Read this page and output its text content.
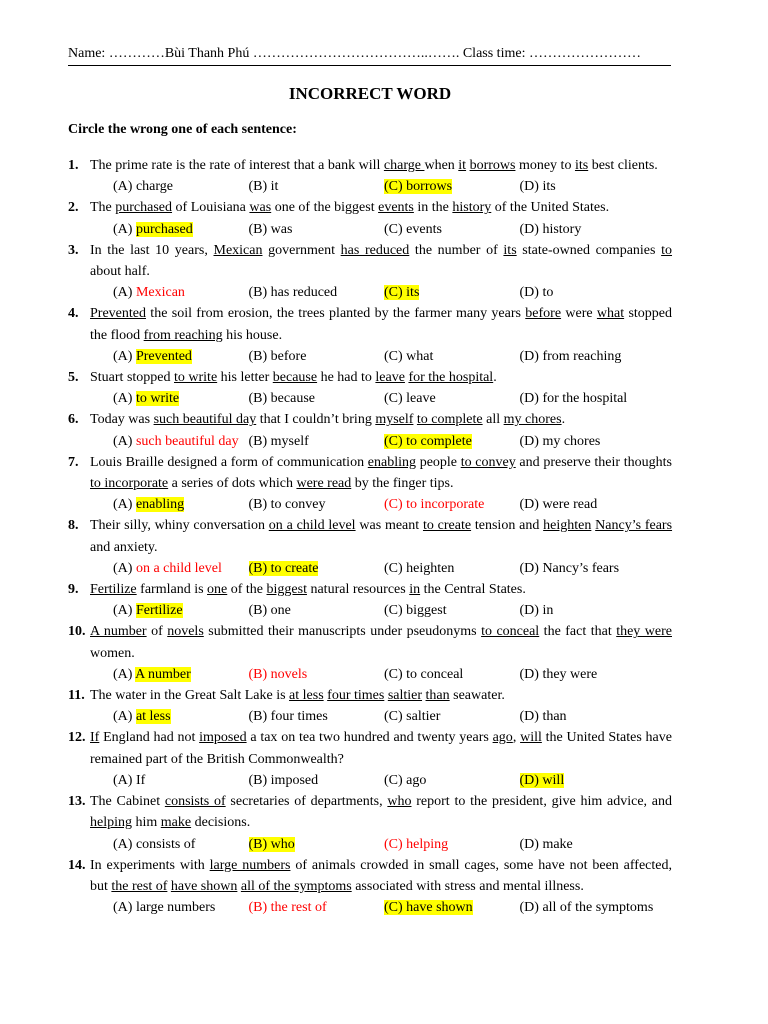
Name: …………Bùi Thanh Phú ………………………………..……. Class time: ……………………
INCORRECT WORD
Circle the wrong one of each sentence:
1. The prime rate is the rate of interest that a bank will charge when it borrows money to its best clients.
(A) charge	(B) it	(C) borrows	(D) its
2. The purchased of Louisiana was one of the biggest events in the history of the United States.
(A) purchased	(B) was	(C) events	(D) history
3. In the last 10 years, Mexican government has reduced the number of its state-owned companies to about half.
(A) Mexican	(B) has reduced	(C) its	(D) to
4. Prevented the soil from erosion, the trees planted by the farmer many years before were what stopped the flood from reaching his house.
(A) Prevented	(B) before	(C) what	(D) from reaching
5. Stuart stopped to write his letter because he had to leave for the hospital.
(A) to write	(B) because	(C) leave	(D) for the hospital
6. Today was such beautiful day that I couldn’t bring myself to complete all my chores.
(A) such beautiful day (B) myself	(C) to complete	(D) my chores
7. Louis Braille designed a form of communication enabling people to convey and preserve their thoughts to incorporate a series of dots which were read by the finger tips.
(A) enabling	(B) to convey	(C) to incorporate	(D) were read
8. Their silly, whiny conversation on a child level was meant to create tension and heighten Nancy’s fears and anxiety.
(A) on a child level	(B) to create	(C) heighten	(D) Nancy’s fears
9. Fertilize farmland is one of the biggest natural resources in the Central States.
(A) Fertilize	(B) one	(C) biggest	(D) in
10. A number of novels submitted their manuscripts under pseudonyms to conceal the fact that they were women.
(A) A number	(B) novels	(C) to conceal	(D) they were
11. The water in the Great Salt Lake is at less four times saltier than seawater.
(A) at less	(B) four times	(C) saltier	(D) than
12. If England had not imposed a tax on tea two hundred and twenty years ago, will the United States have remained part of the British Commonwealth?
(A) If	(B) imposed	(C) ago	(D) will
13. The Cabinet consists of secretaries of departments, who report to the president, give him advice, and helping him make decisions.
(A) consists of	(B) who	(C) helping	(D) make
14. In experiments with large numbers of animals crowded in small cages, some have not been affected, but the rest of have shown all of the symptoms associated with stress and mental illness.
(A) large numbers	(B) the rest of	(C) have shown	(D) all of the symptoms
